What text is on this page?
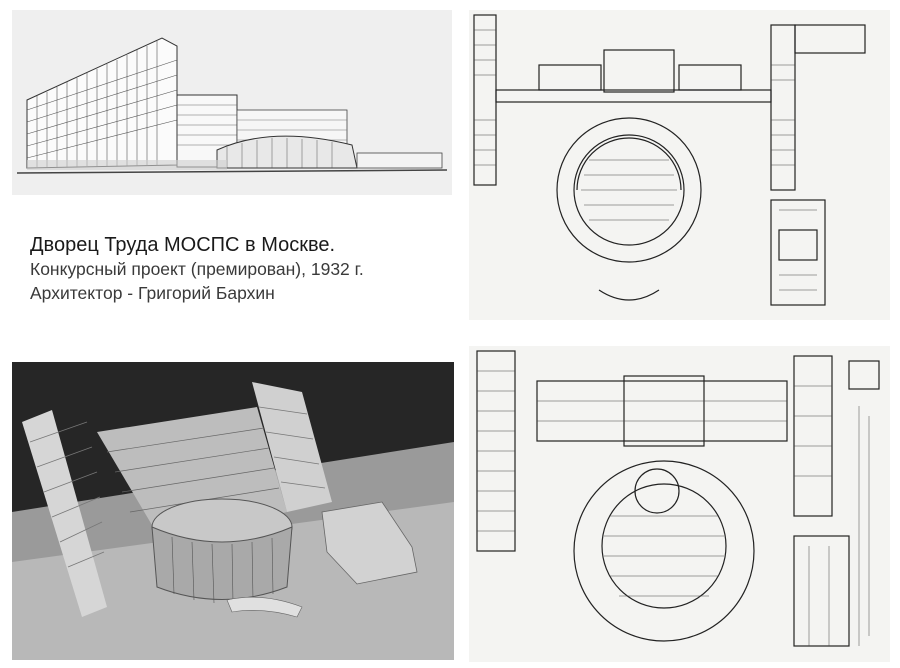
Дворец Труда МОСПС в Москве.
Конкурсный проект (премирован), 1932 г.
Архитектор - Григорий Бархин
